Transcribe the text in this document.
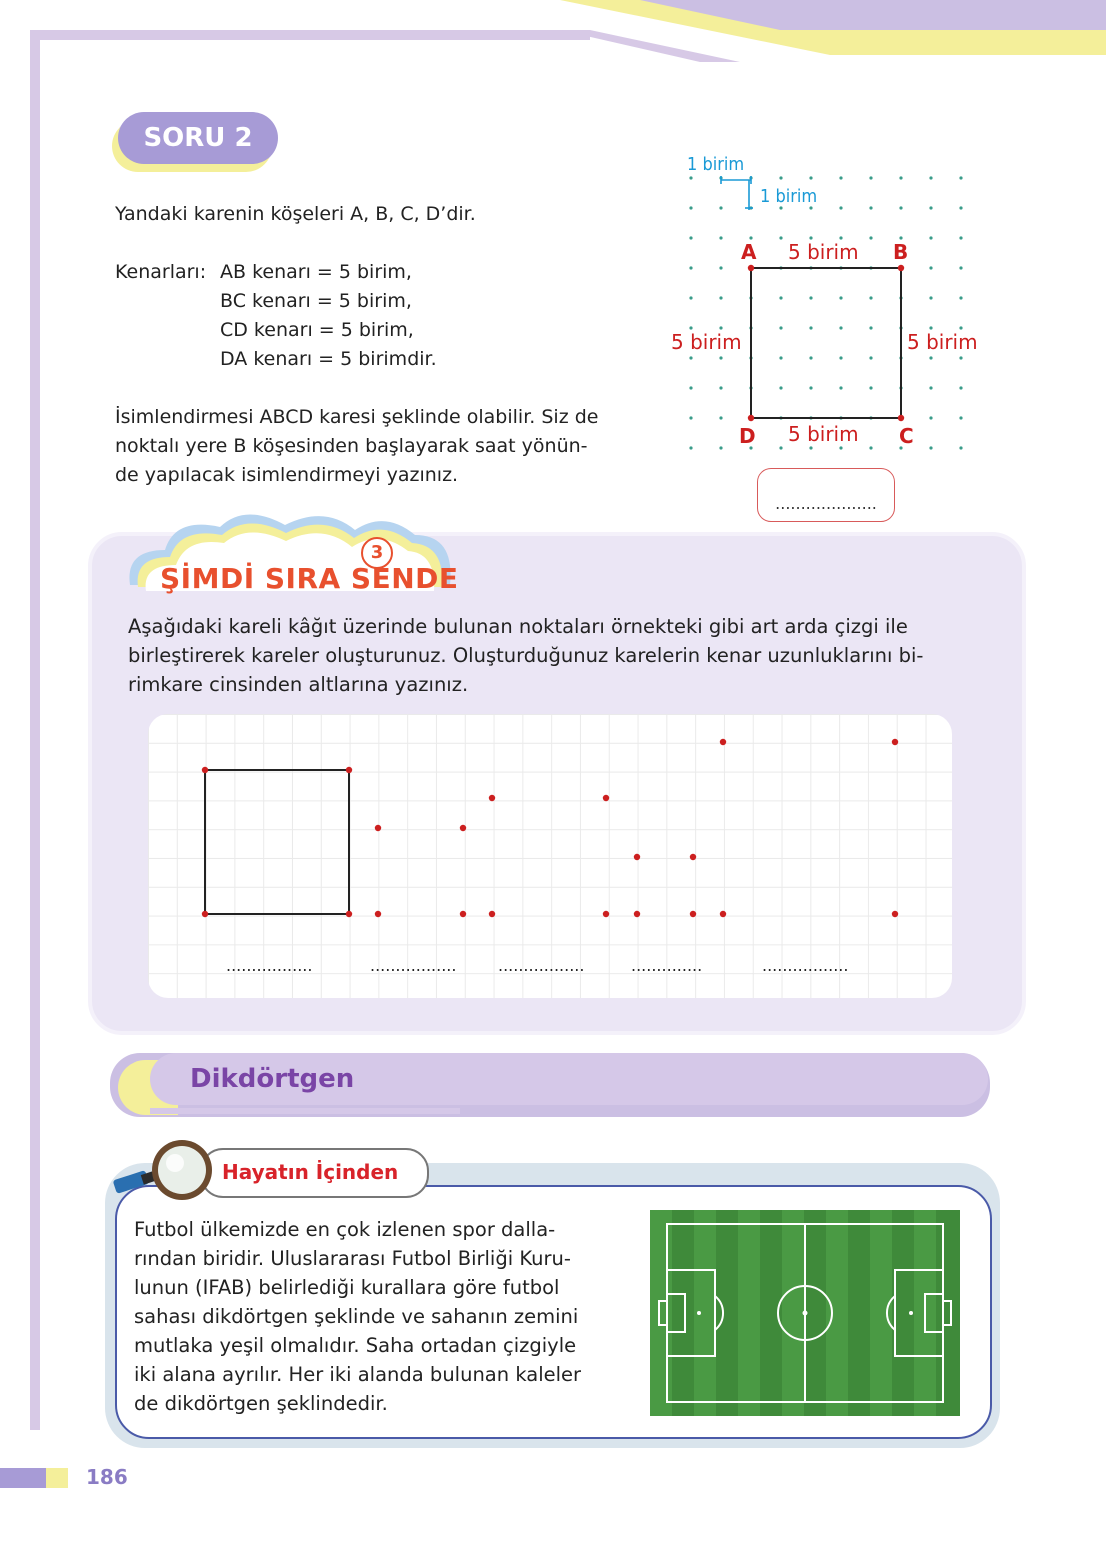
SORU 2
Yandaki karenin köşeleri A, B, C, D’dir.
Kenarları: AB kenarı = 5 birim,
BC kenarı = 5 birim,
CD kenarı = 5 birim,
DA kenarı = 5 birimdir.
İsimlendirmesi ABCD karesi şeklinde olabilir. Siz de
noktalı yere B köşesinden başlayarak saat yönün-
de yapılacak isimlendirmeyi yazınız.
1 birim
1 birim
A	B
C
D
5 birim
5 birim
5 birim	5 birim
....................
3
ŞİMDİ SIRA SENDE
Aşağıdaki kareli kâğıt üzerinde bulunan noktaları örnekteki gibi art arda çizgi ile
birleştirerek kareler oluşturunuz. Oluşturduğunuz karelerin kenar uzunluklarını bi-
rimkare cinsinden altlarına yazınız.
.................	.................	.................	..............	.................
Dikdörtgen
Hayatın İçinden
Futbol ülkemizde en çok izlenen spor dalla-
rından biridir. Uluslararası Futbol Birliği Kuru-
lunun (IFAB) belirlediği kurallara göre futbol
sahası dikdörtgen şeklinde ve sahanın zemini
mutlaka yeşil olmalıdır. Saha ortadan çizgiyle
iki alana ayrılır. Her iki alanda bulunan kaleler
de dikdörtgen şeklindedir.
186
